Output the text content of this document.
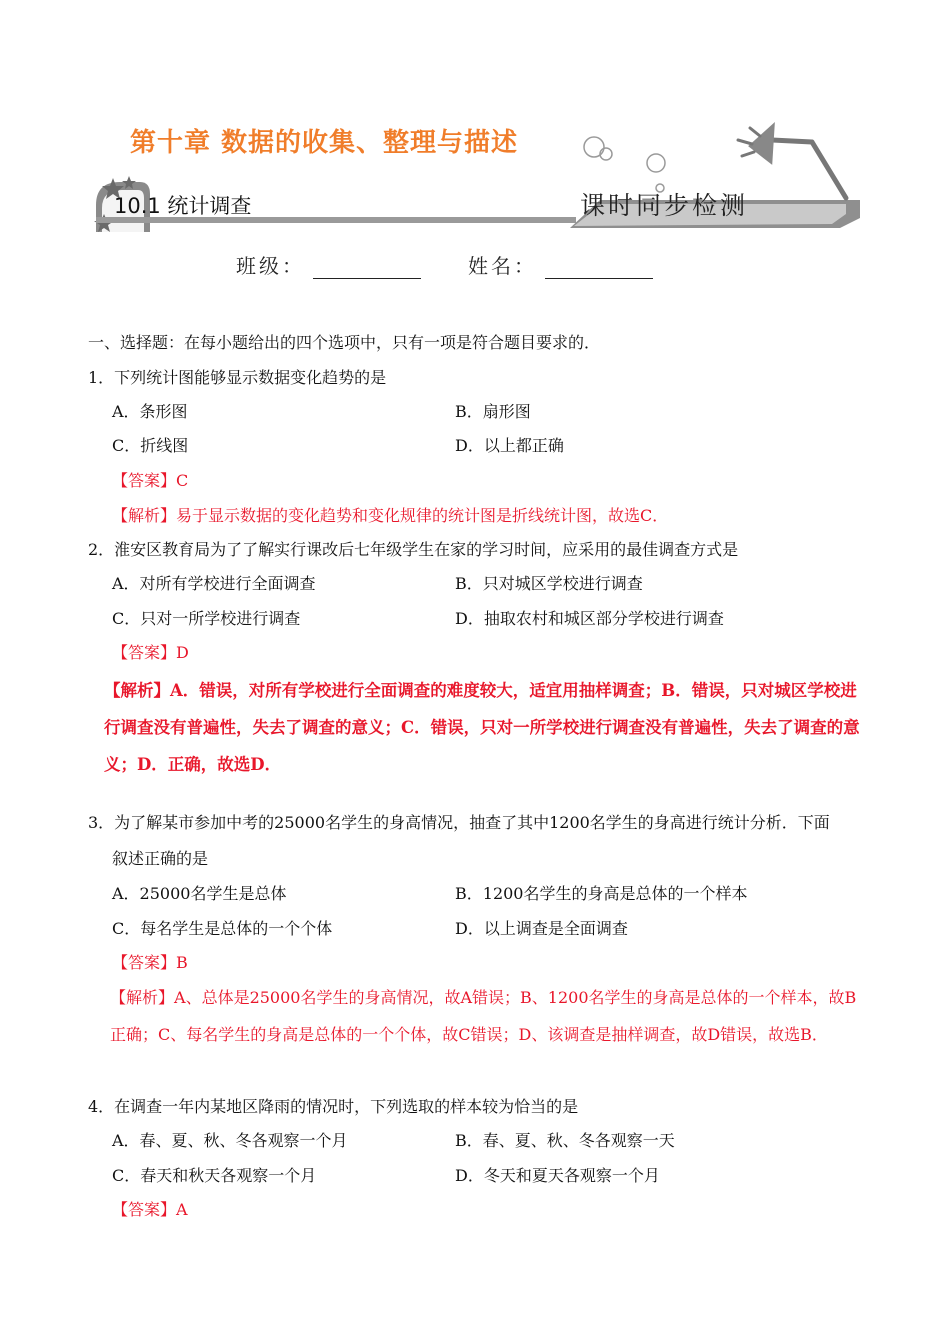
第十章 数据的收集、整理与描述
10.1 统计调查	课时同步检测
班级：	姓名：
一、选择题：在每小题给出的四个选项中，只有一项是符合题目要求的．
1．下列统计图能够显示数据变化趋势的是
A．条形图	B．扇形图
C．折线图	D．以上都正确
【答案】C
【解析】易于显示数据的变化趋势和变化规律的统计图是折线统计图，故选C．
2．淮安区教育局为了了解实行课改后七年级学生在家的学习时间，应采用的最佳调查方式是
A．对所有学校进行全面调查	B．只对城区学校进行调查
C．只对一所学校进行调查	D．抽取农村和城区部分学校进行调查
【答案】D
【解析】A．错误，对所有学校进行全面调查的难度较大，适宜用抽样调查；B．错误，只对城区学校进行调查没有普遍性，失去了调查的意义；C．错误，只对一所学校进行调查没有普遍性，失去了调查的意义；D．正确，故选D．
3．为了解某市参加中考的25000名学生的身高情况，抽查了其中1200名学生的身高进行统计分析．下面
叙述正确的是
A．25000名学生是总体	B．1200名学生的身高是总体的一个样本
C．每名学生是总体的一个个体	D．以上调查是全面调查
【答案】B
【解析】A、总体是25000名学生的身高情况，故A错误；B、1200名学生的身高是总体的一个样本，故B正确；C、每名学生的身高是总体的一个个体，故C错误；D、该调查是抽样调查，故D错误，故选B．
4．在调查一年内某地区降雨的情况时，下列选取的样本较为恰当的是
A．春、夏、秋、冬各观察一个月	B．春、夏、秋、冬各观察一天
C．春天和秋天各观察一个月	D．冬天和夏天各观察一个月
【答案】A
